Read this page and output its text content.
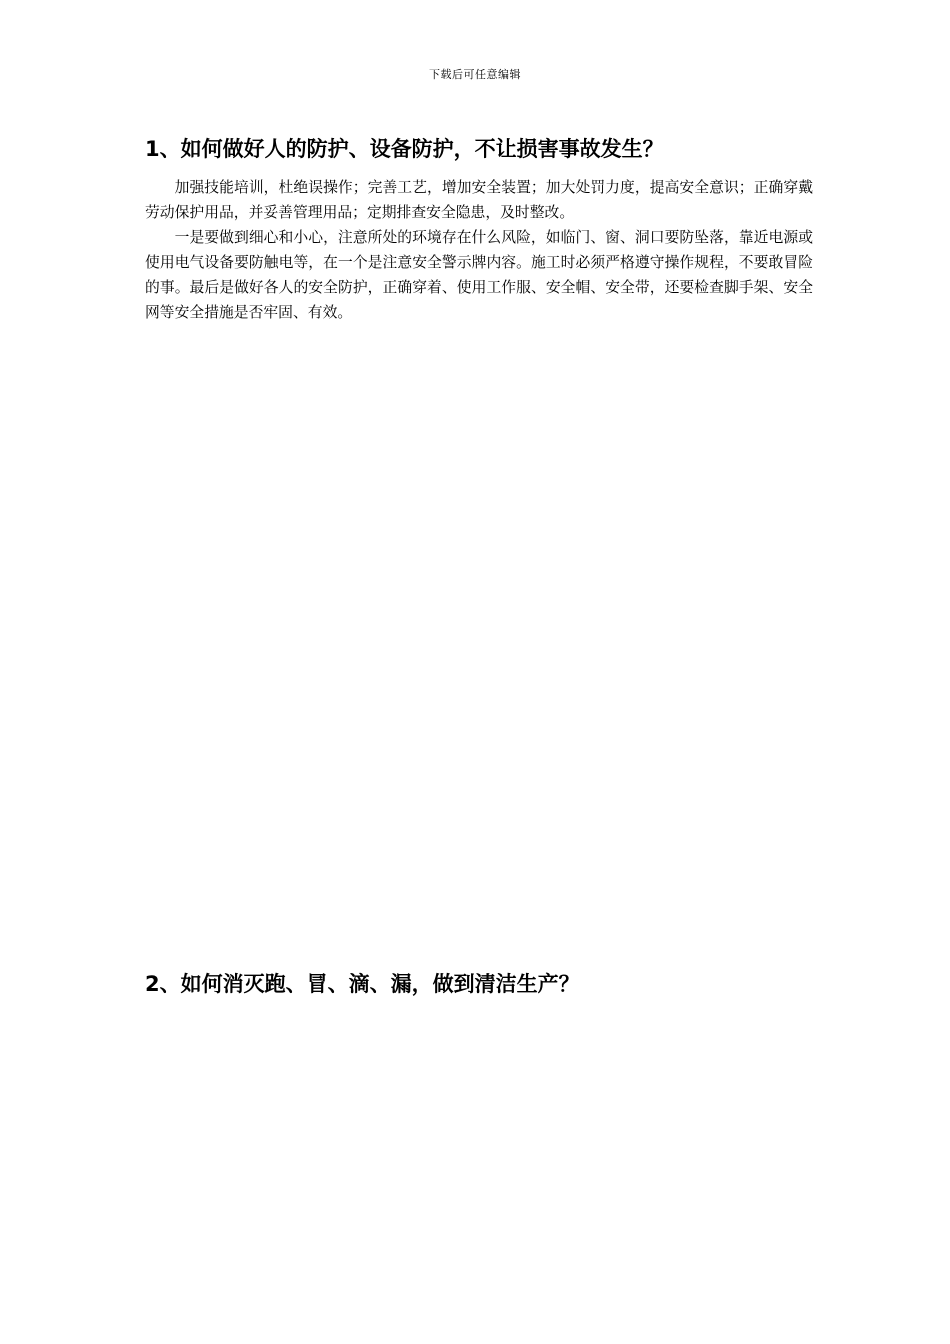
下载后可任意编辑
1、如何做好人的防护、设备防护，不让损害事故发生？

加强技能培训，杜绝误操作；完善工艺，增加安全装置；加大处罚力度，提高安全意识；正确穿戴劳动保护用品，并妥善管理用品；定期排查安全隐患，及时整改。

一是要做到细心和小心，注意所处的环境存在什么风险，如临门、窗、洞口要防坠落，靠近电源或使用电气设备要防触电等，在一个是注意安全警示牌内容。施工时必须严格遵守操作规程，不要敢冒险的事。最后是做好各人的安全防护，正确穿着、使用工作服、安全帽、安全带，还要检查脚手架、安全网等安全措施是否牢固、有效。

2、如何消灭跑、冒、滴、漏，做到清洁生产？
